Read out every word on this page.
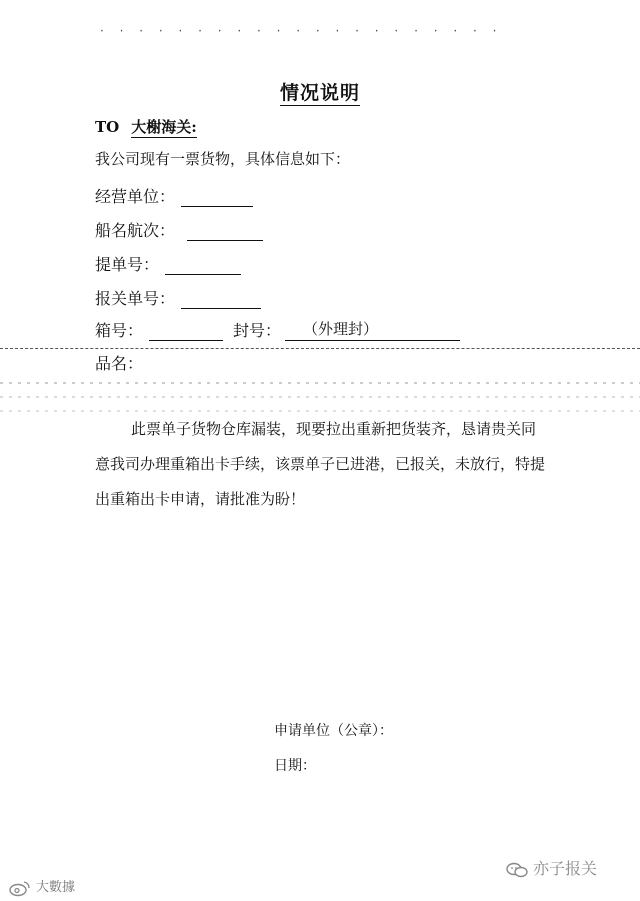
‧ ‧ ‧ ‧ ‧ ‧ ‧ ‧ ‧ ‧ ‧ ‧ ‧ ‧ ‧ ‧ ‧ ‧ ‧ ‧ ‧
情况说明
TO 大榭海关:
我公司现有一票货物，具体信息如下：
经营单位：
船名航次：
提单号：
报关单号：
箱号：	封号：	（外理封）
品名：
此票单子货物仓库漏装，现要拉出重新把货装齐，恳请贵关同
意我司办理重箱出卡手续，该票单子已进港，已报关，未放行，特提
出重箱出卡申请，请批准为盼！
申请单位（公章）：
日期：
大數據
亦子报关
